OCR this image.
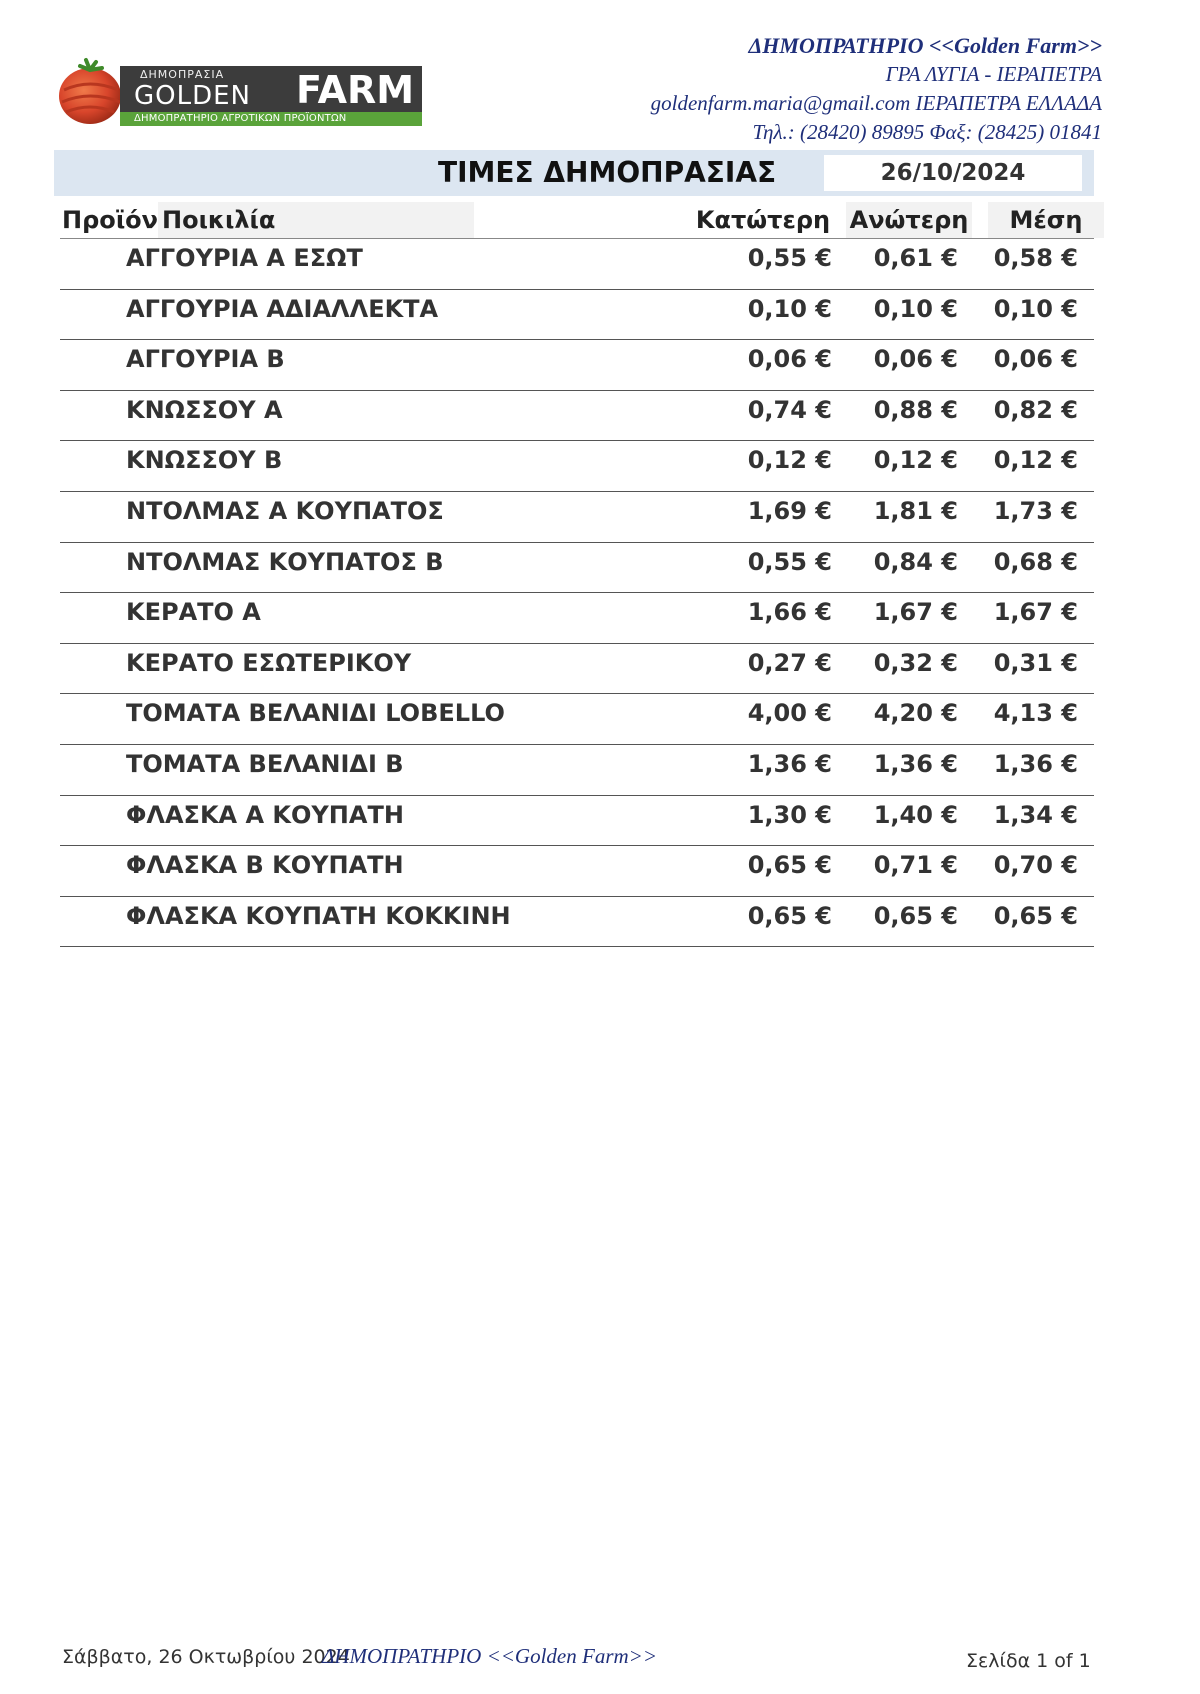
ΔΗΜΟΠΡΑΣΙΑ
GOLDEN FARM
ΔΗΜΟΠΡΑΤΗΡΙΟ ΑΓΡΟΤΙΚΩΝ ΠΡΟΪΟΝΤΩΝ
ΔΗΜΟΠΡΑΤΗΡΙΟ <<Golden Farm>>
ΓΡΑ ΛΥΓΙΑ - ΙΕΡΑΠΕΤΡΑ
goldenfarm.maria@gmail.com ΙΕΡΑΠΕΤΡΑ ΕΛΛΑΔΑ
Τηλ.: (28420) 89895 Φαξ: (28425) 01841
ΤΙΜΕΣ ΔΗΜΟΠΡΑΣΙΑΣ	26/10/2024
Προϊόν Ποικιλία	Κατώτερη Ανώτερη	Μέση
ΑΓΓΟΥΡΙΑ Α ΕΣΩΤ	0,55 € 0,61 € 0,58 €
ΑΓΓΟΥΡΙΑ ΑΔΙΑΛΛΕΚΤΑ	0,10 € 0,10 € 0,10 €
ΑΓΓΟΥΡΙΑ Β	0,06 € 0,06 € 0,06 €
ΚΝΩΣΣΟΥ Α	0,74 € 0,88 € 0,82 €
ΚΝΩΣΣΟΥ Β	0,12 € 0,12 € 0,12 €
ΝΤΟΛΜΑΣ Α ΚΟΥΠΑΤΟΣ	1,69 € 1,81 € 1,73 €
ΝΤΟΛΜΑΣ ΚΟΥΠΑΤΟΣ Β	0,55 € 0,84 € 0,68 €
ΚΕΡΑΤΟ Α	1,66 € 1,67 € 1,67 €
ΚΕΡΑΤΟ ΕΣΩΤΕΡΙΚΟΥ	0,27 € 0,32 € 0,31 €
ΤΟΜΑΤΑ ΒΕΛΑΝΙΔΙ LOBELLO	4,00 € 4,20 € 4,13 €
ΤΟΜΑΤΑ ΒΕΛΑΝΙΔΙ Β	1,36 € 1,36 € 1,36 €
ΦΛΑΣΚΑ Α ΚΟΥΠΑΤΗ	1,30 € 1,40 € 1,34 €
ΦΛΑΣΚΑ Β ΚΟΥΠΑΤΗ	0,65 € 0,71 € 0,70 €
ΦΛΑΣΚΑ ΚΟΥΠΑΤΗ ΚΟΚΚΙΝΗ	0,65 € 0,65 € 0,65 €
Σάββατο, 26 Οκτωβρίου 2024
ΔΗΜΟΠΡΑΤΗΡΙΟ <<Golden Farm>>	Σελίδα 1 of 1
